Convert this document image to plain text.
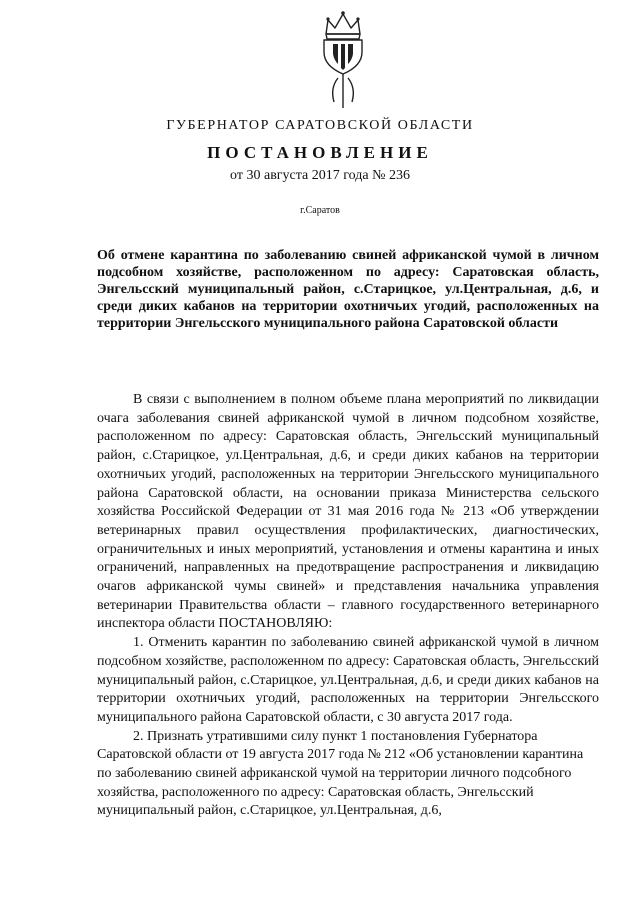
ГУБЕРНАТОР САРАТОВСКОЙ ОБЛАСТИ
ПОСТАНОВЛЕНИЕ
от 30 августа 2017 года № 236
г.Саратов
Об отмене карантина по заболеванию свиней африканской чумой в личном подсобном хозяйстве, расположенном по адресу: Саратовская область, Энгельсский муниципальный район, с.Старицкое, ул.Центральная, д.6, и среди диких кабанов на территории охотничьих угодий, расположенных на территории Энгельсского муниципального района Саратовской области

В связи с выполнением в полном объеме плана мероприятий по ликвидации очага заболевания свиней африканской чумой в личном подсобном хозяйстве, расположенном по адресу: Саратовская область, Энгельсский муниципальный район, с.Старицкое, ул.Центральная, д.6, и среди диких кабанов на территории охотничьих угодий, расположенных на территории Энгельсского муниципального района Саратовской области, на основании приказа Министерства сельского хозяйства Российской Федерации от 31 мая 2016 года № 213 «Об утверждении ветеринарных правил осуществления профилактических, диагностических, ограничительных и иных мероприятий, установления и отмены карантина и иных ограничений, направленных на предотвращение распространения и ликвидацию очагов африканской чумы свиней» и представления начальника управления ветеринарии Правительства области – главного государственного ветеринарного инспектора области ПОСТАНОВЛЯЮ:

1. Отменить карантин по заболеванию свиней африканской чумой в личном подсобном хозяйстве, расположенном по адресу: Саратовская область, Энгельсский муниципальный район, с.Старицкое, ул.Центральная, д.6, и среди диких кабанов на территории охотничьих угодий, расположенных на территории Энгельсского муниципального района Саратовской области, с 30 августа 2017 года.

2. Признать утратившими силу пункт 1 постановления Губернатора Саратовской области от 19 августа 2017 года № 212 «Об установлении карантина по заболеванию свиней африканской чумой на территории личного подсобного хозяйства, расположенного по адресу: Саратовская область, Энгельсский муниципальный район, с.Старицкое, ул.Центральная, д.6,
